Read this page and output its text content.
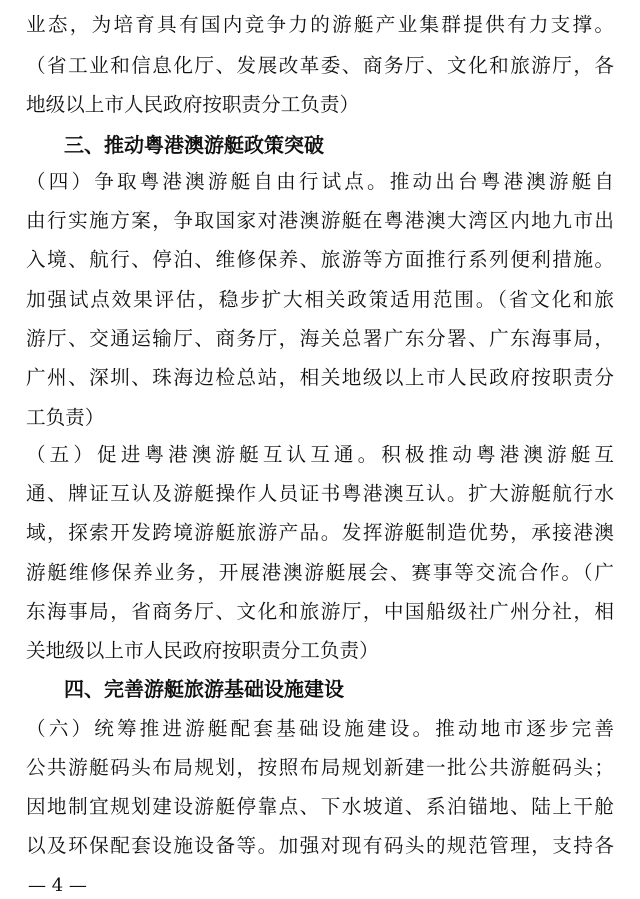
业态，为培育具有国内竞争力的游艇产业集群提供有力支撑。
（省工业和信息化厅、发展改革委、商务厅、文化和旅游厅，各
地级以上市人民政府按职责分工负责）
三、推动粤港澳游艇政策突破
（四）争取粤港澳游艇自由行试点。推动出台粤港澳游艇自
由行实施方案，争取国家对港澳游艇在粤港澳大湾区内地九市出
入境、航行、停泊、维修保养、旅游等方面推行系列便利措施。
加强试点效果评估，稳步扩大相关政策适用范围。（省文化和旅
游厅、交通运输厅、商务厅，海关总署广东分署、广东海事局，
广州、深圳、珠海边检总站，相关地级以上市人民政府按职责分
工负责）
（五）促进粤港澳游艇互认互通。积极推动粤港澳游艇互
通、牌证互认及游艇操作人员证书粤港澳互认。扩大游艇航行水
域，探索开发跨境游艇旅游产品。发挥游艇制造优势，承接港澳
游艇维修保养业务，开展港澳游艇展会、赛事等交流合作。（广
东海事局，省商务厅、文化和旅游厅，中国船级社广州分社，相
关地级以上市人民政府按职责分工负责）
四、完善游艇旅游基础设施建设
（六）统筹推进游艇配套基础设施建设。推动地市逐步完善
公共游艇码头布局规划，按照布局规划新建一批公共游艇码头；
因地制宜规划建设游艇停靠点、下水坡道、系泊锚地、陆上干舱
以及环保配套设施设备等。加强对现有码头的规范管理，支持各
— 4 —
